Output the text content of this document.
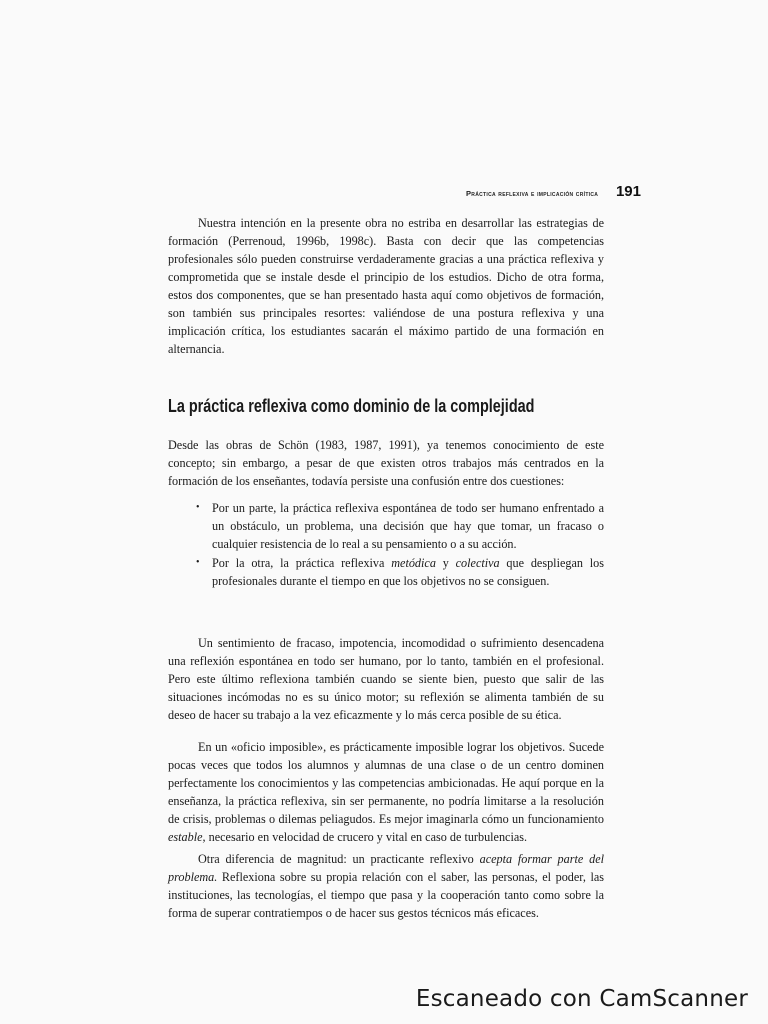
Práctica reflexiva e implicación crítica 191

Nuestra intención en la presente obra no estriba en desarrollar las estrategias de formación (Perrenoud, 1996b, 1998c). Basta con decir que las competencias profesionales sólo pueden construirse verdaderamente gracias a una práctica reflexiva y comprometida que se instale desde el principio de los estudios. Dicho de otra forma, estos dos componentes, que se han presentado hasta aquí como objetivos de formación, son también sus principales resortes: valiéndose de una postura reflexiva y una implicación crítica, los estudiantes sacarán el máximo partido de una formación en alternancia.

La práctica reflexiva como dominio de la complejidad

Desde las obras de Schön (1983, 1987, 1991), ya tenemos conocimiento de este concepto; sin embargo, a pesar de que existen otros trabajos más centrados en la formación de los enseñantes, todavía persiste una confusión entre dos cuestiones:

• Por un parte, la práctica reflexiva espontánea de todo ser humano enfrentado a un obstáculo, un problema, una decisión que hay que tomar, un fracaso o cualquier resistencia de lo real a su pensamiento o a su acción.
• Por la otra, la práctica reflexiva metódica y colectiva que despliegan los profesionales durante el tiempo en que los objetivos no se consiguen.

Un sentimiento de fracaso, impotencia, incomodidad o sufrimiento desencadena una reflexión espontánea en todo ser humano, por lo tanto, también en el profesional. Pero este último reflexiona también cuando se siente bien, puesto que salir de las situaciones incómodas no es su único motor; su reflexión se alimenta también de su deseo de hacer su trabajo a la vez eficazmente y lo más cerca posible de su ética.

En un «oficio imposible», es prácticamente imposible lograr los objetivos. Sucede pocas veces que todos los alumnos y alumnas de una clase o de un centro dominen perfectamente los conocimientos y las competencias ambicionadas. He aquí porque en la enseñanza, la práctica reflexiva, sin ser permanente, no podría limitarse a la resolución de crisis, problemas o dilemas peliagudos. Es mejor imaginarla cómo un funcionamiento estable, necesario en velocidad de crucero y vital en caso de turbulencias.

Otra diferencia de magnitud: un practicante reflexivo acepta formar parte del problema. Reflexiona sobre su propia relación con el saber, las personas, el poder, las instituciones, las tecnologías, el tiempo que pasa y la cooperación tanto como sobre la forma de superar contratiempos o de hacer sus gestos técnicos más eficaces.

Escaneado con CamScanner
